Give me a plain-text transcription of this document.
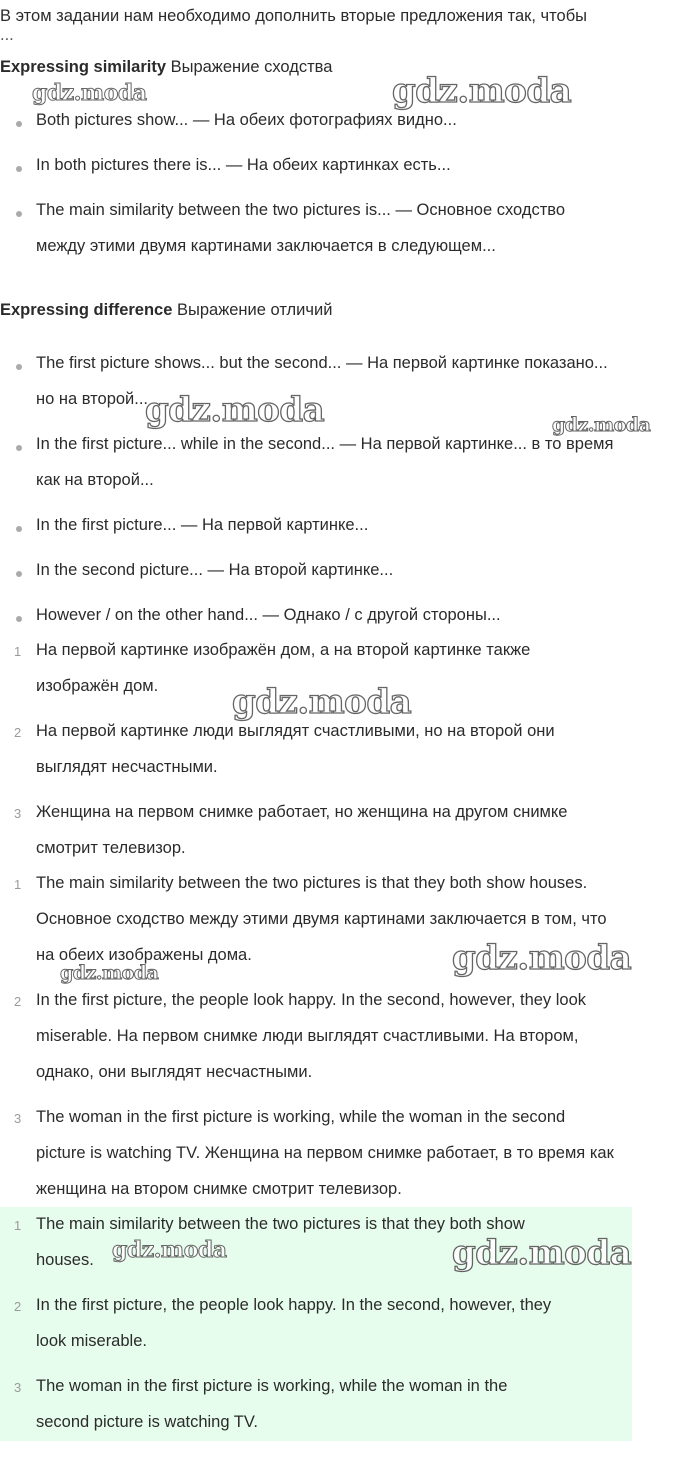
В этом задании нам необходимо дополнить вторые предложения так, чтобы
...
Expressing similarity Выражение сходства
Both pictures show... — На обеих фотографиях видно...
In both pictures there is... — На обеих картинках есть...
The main similarity between the two pictures is... — Основное сходство
между этими двумя картинами заключается в следующем...
Expressing difference Выражение отличий
The first picture shows... but the second... — На первой картинке показано...
но на второй...
In the first picture... while in the second... — На первой картинке... в то время
как на второй...
In the first picture... — На первой картинке...
In the second picture... — На второй картинке...
However / on the other hand... — Однако / с другой стороны...
1 На первой картинке изображён дом, а на второй картинке также
изображён дом.
2 На первой картинке люди выглядят счастливыми, но на второй они
выглядят несчастными.
3 Женщина на первом снимке работает, но женщина на другом снимке
смотрит телевизор.
1 The main similarity between the two pictures is that they both show houses.
Основное сходство между этими двумя картинами заключается в том, что
на обеих изображены дома.
2 In the first picture, the people look happy. In the second, however, they look
miserable. На первом снимке люди выглядят счастливыми. На втором,
однако, они выглядят несчастными.
3 The woman in the first picture is working, while the woman in the second
picture is watching TV. Женщина на первом снимке работает, в то время как
женщина на втором снимке смотрит телевизор.
1 The main similarity between the two pictures is that they both show
houses.
2 In the first picture, the people look happy. In the second, however, they
look miserable.
3 The woman in the first picture is working, while the woman in the
second picture is watching TV.
gdz.moda	gdz.moda
gdz.moda	gdz.moda
gdz.moda
gdz.moda
gdz.moda
gdz.moda	gdz.moda
